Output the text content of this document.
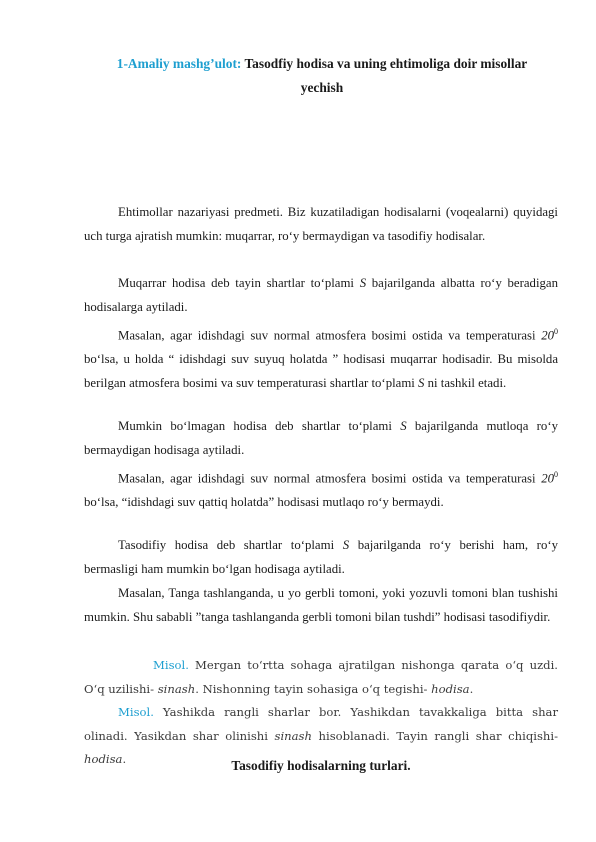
1-Amaliy mashg’ulot: Tasodfiy hodisa va uning ehtimoliga doir misollar
yechish
Ehtimollar nazariyasi predmeti. Biz kuzatiladigan hodisalarni (voqealarni) quyidagi uch turga ajratish mumkin: muqarrar, ro‘y bermaydigan va tasodifiy hodisalar.
Muqarrar hodisa deb tayin shartlar to‘plami S bajarilganda albatta ro‘y beradigan hodisalarga aytiladi.
Masalan, agar idishdagi suv normal atmosfera bosimi ostida va temperaturasi $20^0$ bo‘lsa, u holda “ idishdagi suv suyuq holatda ” hodisasi muqarrar hodisadir. Bu misolda berilgan atmosfera bosimi va suv temperaturasi shartlar to‘plami S ni tashkil etadi.
Mumkin bo‘lmagan hodisa deb shartlar to‘plami S bajarilganda mutloqa ro‘y bermaydigan hodisaga aytiladi.
Masalan, agar idishdagi suv normal atmosfera bosimi ostida va temperaturasi $20^0$ bo‘lsa, “idishdagi suv qattiq holatda” hodisasi mutlaqo ro‘y bermaydi.
Tasodifiy hodisa deb shartlar to‘plami S bajarilganda ro‘y berishi ham, ro‘y bermasligi ham mumkin bo‘lgan hodisaga aytiladi.
Masalan, Tanga tashlanganda, u yo gerbli tomoni, yoki yozuvli tomoni blan tushishi mumkin. Shu sababli ”tanga tashlanganda gerbli tomoni bilan tushdi” hodisasi tasodifiydir.
Misol. Mergan to‘rtta sohaga ajratilgan nishonga qarata o‘q uzdi. O‘q uzilishi- sinash. Nishonning tayin sohasiga o‘q tegishi- hodisa.
Misol. Yashikda rangli sharlar bor. Yashikdan tavakkaliga bitta shar olinadi. Yasikdan shar olinishi sinash hisoblanadi. Tayin rangli shar chiqishi- hodisa.	Tasodifiy hodisalarning turlari.
